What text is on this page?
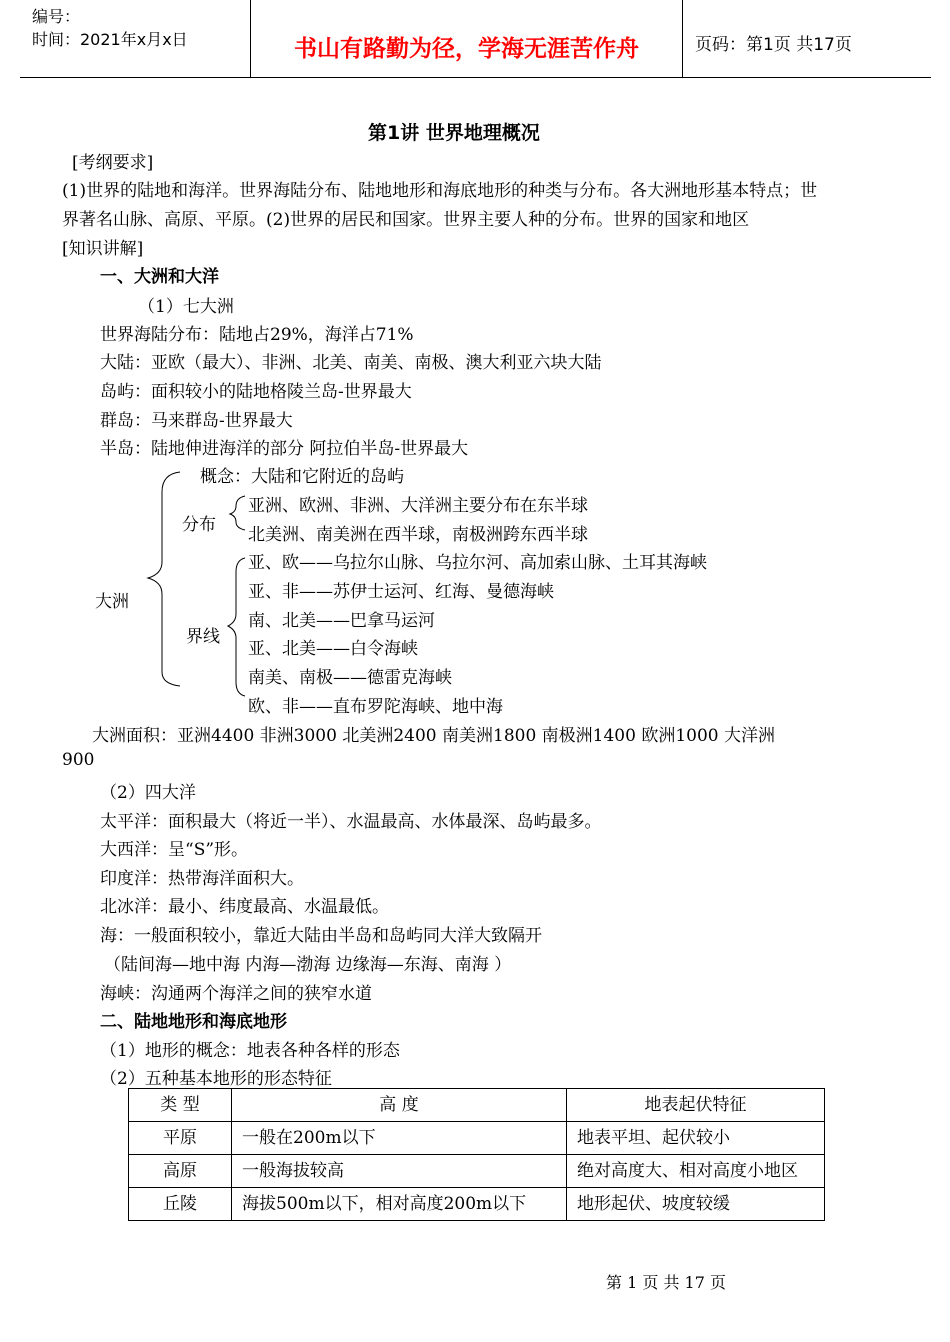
编号：
时间：2021年x月x日	书山有路勤为径，学海无涯苦作舟	页码：第1页 共17页
第1讲 世界地理概况
[考纲要求]
(1)世界的陆地和海洋。世界海陆分布、陆地地形和海底地形的种类与分布。各大洲地形基本特点；世
界著名山脉、高原、平原。(2)世界的居民和国家。世界主要人种的分布。世界的国家和地区
[知识讲解]
一、大洲和大洋
（1）七大洲
世界海陆分布：陆地占29%，海洋占71%
大陆：亚欧（最大）、非洲、北美、南美、南极、澳大利亚六块大陆
岛屿：面积较小的陆地格陵兰岛-世界最大
群岛：马来群岛-世界最大
半岛：陆地伸进海洋的部分 阿拉伯半岛-世界最大
大洲
概念：大陆和它附近的岛屿
分布
亚洲、欧洲、非洲、大洋洲主要分布在东半球
北美洲、南美洲在西半球，南极洲跨东西半球
界线
亚、欧——乌拉尔山脉、乌拉尔河、高加索山脉、土耳其海峡
亚、非——苏伊士运河、红海、曼德海峡
南、北美——巴拿马运河
亚、北美——白令海峡
南美、南极——德雷克海峡
欧、非——直布罗陀海峡、地中海
大洲面积：亚洲4400 非洲3000 北美洲2400 南美洲1800 南极洲1400 欧洲1000 大洋洲
900
（2）四大洋
太平洋：面积最大（将近一半）、水温最高、水体最深、岛屿最多。
大西洋：呈“S”形。
印度洋：热带海洋面积大。
北冰洋：最小、纬度最高、水温最低。
海：一般面积较小，靠近大陆由半岛和岛屿同大洋大致隔开
（陆间海—地中海 内海—渤海 边缘海—东海、南海 ）
海峡：沟通两个海洋之间的狭窄水道
二、陆地地形和海底地形
（1）地形的概念：地表各种各样的形态
（2）五种基本地形的形态特征
类 型	高 度	地表起伏特征
平原	一般在200m以下	地表平坦、起伏较小
高原	一般海拔较高	绝对高度大、相对高度小地区
丘陵	海拔500m以下，相对高度200m以下	地形起伏、坡度较缓
第 1 页 共 17 页
